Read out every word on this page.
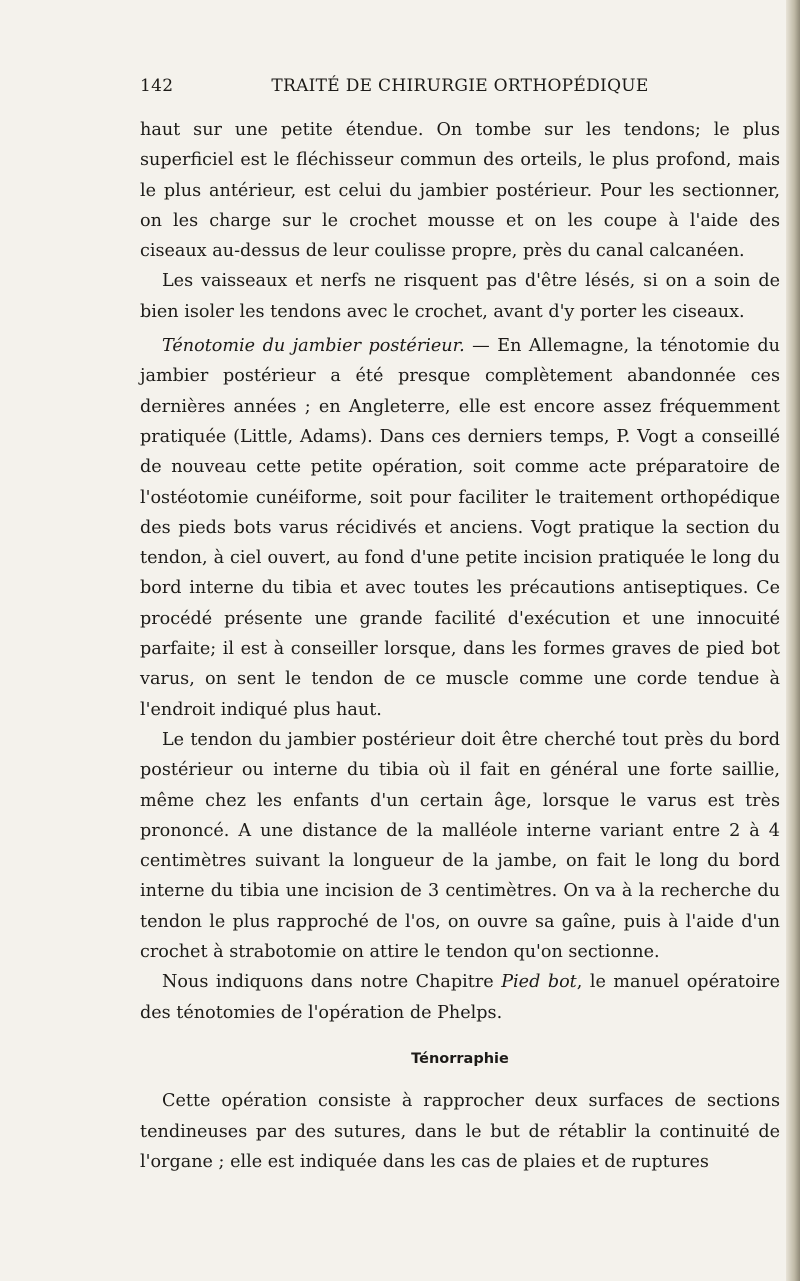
142	TRAITÉ DE CHIRURGIE ORTHOPÉDIQUE

haut sur une petite étendue. On tombe sur les tendons; le plus superficiel est le fléchisseur commun des orteils, le plus profond, mais le plus antérieur, est celui du jambier postérieur. Pour les sectionner, on les charge sur le crochet mousse et on les coupe à l'aide des ciseaux au-dessus de leur coulisse propre, près du canal calcanéen.

Les vaisseaux et nerfs ne risquent pas d'être lésés, si on a soin de bien isoler les tendons avec le crochet, avant d'y porter les ciseaux.

Ténotomie du jambier postérieur. — En Allemagne, la ténotomie du jambier postérieur a été presque complètement abandonnée ces dernières années ; en Angleterre, elle est encore assez fréquemment pratiquée (Little, Adams). Dans ces derniers temps, P. Vogt a conseillé de nouveau cette petite opération, soit comme acte préparatoire de l'ostéotomie cunéiforme, soit pour faciliter le traitement orthopédique des pieds bots varus récidivés et anciens. Vogt pratique la section du tendon, à ciel ouvert, au fond d'une petite incision pratiquée le long du bord interne du tibia et avec toutes les précautions antiseptiques. Ce procédé présente une grande facilité d'exécution et une innocuité parfaite; il est à conseiller lorsque, dans les formes graves de pied bot varus, on sent le tendon de ce muscle comme une corde tendue à l'endroit indiqué plus haut.

Le tendon du jambier postérieur doit être cherché tout près du bord postérieur ou interne du tibia où il fait en général une forte saillie, même chez les enfants d'un certain âge, lorsque le varus est très prononcé. A une distance de la malléole interne variant entre 2 à 4 centimètres suivant la longueur de la jambe, on fait le long du bord interne du tibia une incision de 3 centimètres. On va à la recherche du tendon le plus rapproché de l'os, on ouvre sa gaîne, puis à l'aide d'un crochet à strabotomie on attire le tendon qu'on sectionne.

Nous indiquons dans notre Chapitre Pied bot, le manuel opératoire des ténotomies de l'opération de Phelps.

Ténorraphie

Cette opération consiste à rapprocher deux surfaces de sections tendineuses par des sutures, dans le but de rétablir la continuité de l'organe ; elle est indiquée dans les cas de plaies et de ruptures
